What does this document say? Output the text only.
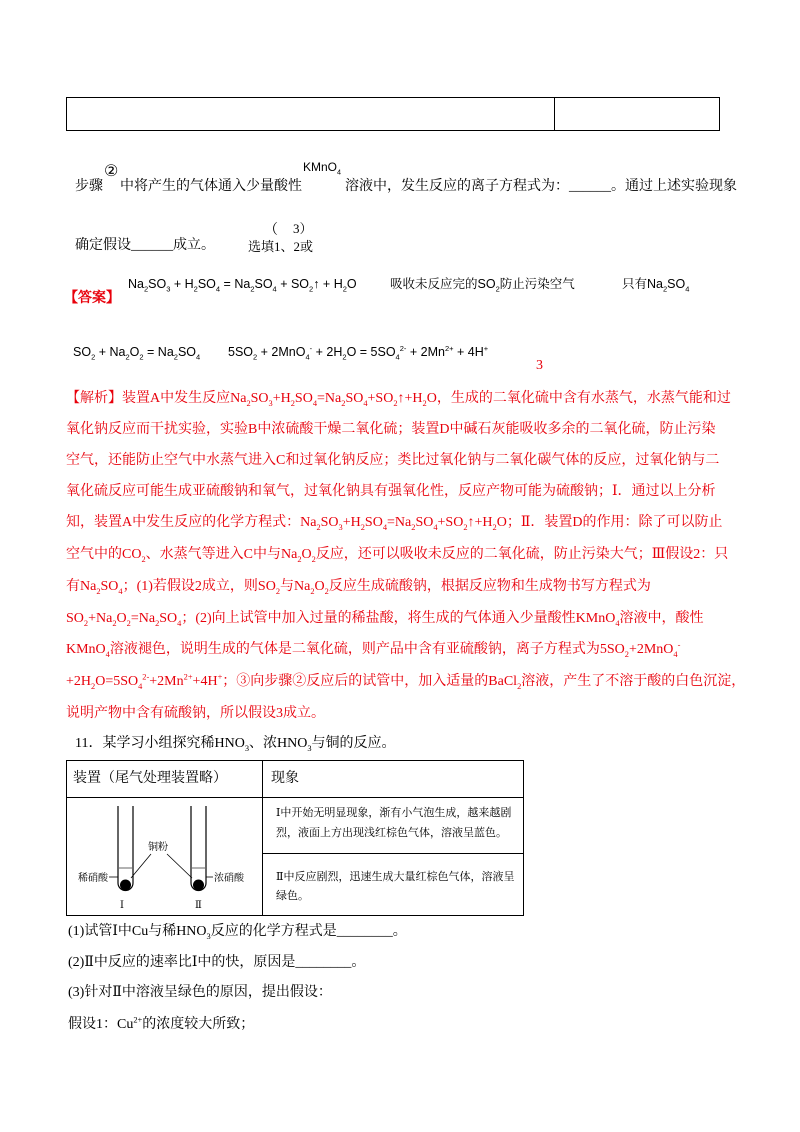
步骤
②
中将产生的气体通入少量酸性
KMnO$_4$
溶液中，发生反应的离子方程式为：______。通过上述实验现象
确定假设______成立。
（
选填1、2或
3）
$Na_2SO_3 + H_2SO_4 = Na_2SO_4$ + $SO_2↑ + H_2O$	吸收未反应完的$SO_2$防止污染空气	只有$Na_2SO_4$
【答案】
$SO_2 + Na_2O_2 = Na_2SO_4$ $5SO_2 + 2MnO_4^- + 2H_2O = 5SO_4^{2-} + 2Mn^{2+} + 4H^+$
3
【解析】装置A中发生反应$Na_2SO_3+H_2SO_4=Na_2SO_4+SO_2↑+H_2O$，生成的二氧化硫中含有水蒸气，水蒸气能和过
氧化钠反应而干扰实验，实验B中浓硫酸干燥二氧化硫；装置D中碱石灰能吸收多余的二氧化硫，防止污染
空气，还能防止空气中水蒸气进入C和过氧化钠反应；类比过氧化钠与二氧化碳气体的反应，过氧化钠与二
氧化硫反应可能生成亚硫酸钠和氧气，过氧化钠具有强氧化性，反应产物可能为硫酸钠；Ⅰ．通过以上分析
知，装置A中发生反应的化学方程式：$Na_2SO_3+H_2SO_4=Na_2SO_4+SO_2↑+H_2O$；Ⅱ．装置D的作用：除了可以防止
空气中的$CO_2$、水蒸气等进入C中与$Na_2O_2$反应，还可以吸收未反应的二氧化硫，防止污染大气；Ⅲ假设2：只
有$Na_2SO_4$；(1)若假设2成立，则$SO_2$与$Na_2O_2$反应生成硫酸钠，根据反应物和生成物书写方程式为
$SO_2+Na_2O_2=Na_2SO_4$；(2)向上试管中加入过量的稀盐酸，将生成的气体通入少量酸性KMnO$_4$溶液中，酸性
KMnO$_4$溶液褪色，说明生成的气体是二氧化硫，则产品中含有亚硫酸钠，离子方程式为$5SO_2+2MnO_4^-$
$+2H_2O=5SO_4^{2-}+2Mn^{2+}+4H^+$；③向步骤②反应后的试管中，加入适量的BaCl$_2$溶液，产生了不溶于酸的白色沉淀，
说明产物中含有硫酸钠，所以假设3成立。
11．某学习小组探究稀$HNO_3$、浓$HNO_3$与铜的反应。
装置（尾气处理装置略）	现象
Ⅰ中开始无明显现象，渐有小气泡生成，越来越剧
烈，液面上方出现浅红棕色气体，溶液呈蓝色。
Ⅱ中反应剧烈，迅速生成大量红棕色气体，溶液呈
绿色。
稀硝酸
铜粉
浓硝酸
Ⅰ	Ⅱ
(1)试管Ⅰ中Cu与稀$HNO_3$反应的化学方程式是________。
(2)Ⅱ中反应的速率比Ⅰ中的快，原因是________。
(3)针对Ⅱ中溶液呈绿色的原因，提出假设：
假设1：$Cu^{2+}$的浓度较大所致；
